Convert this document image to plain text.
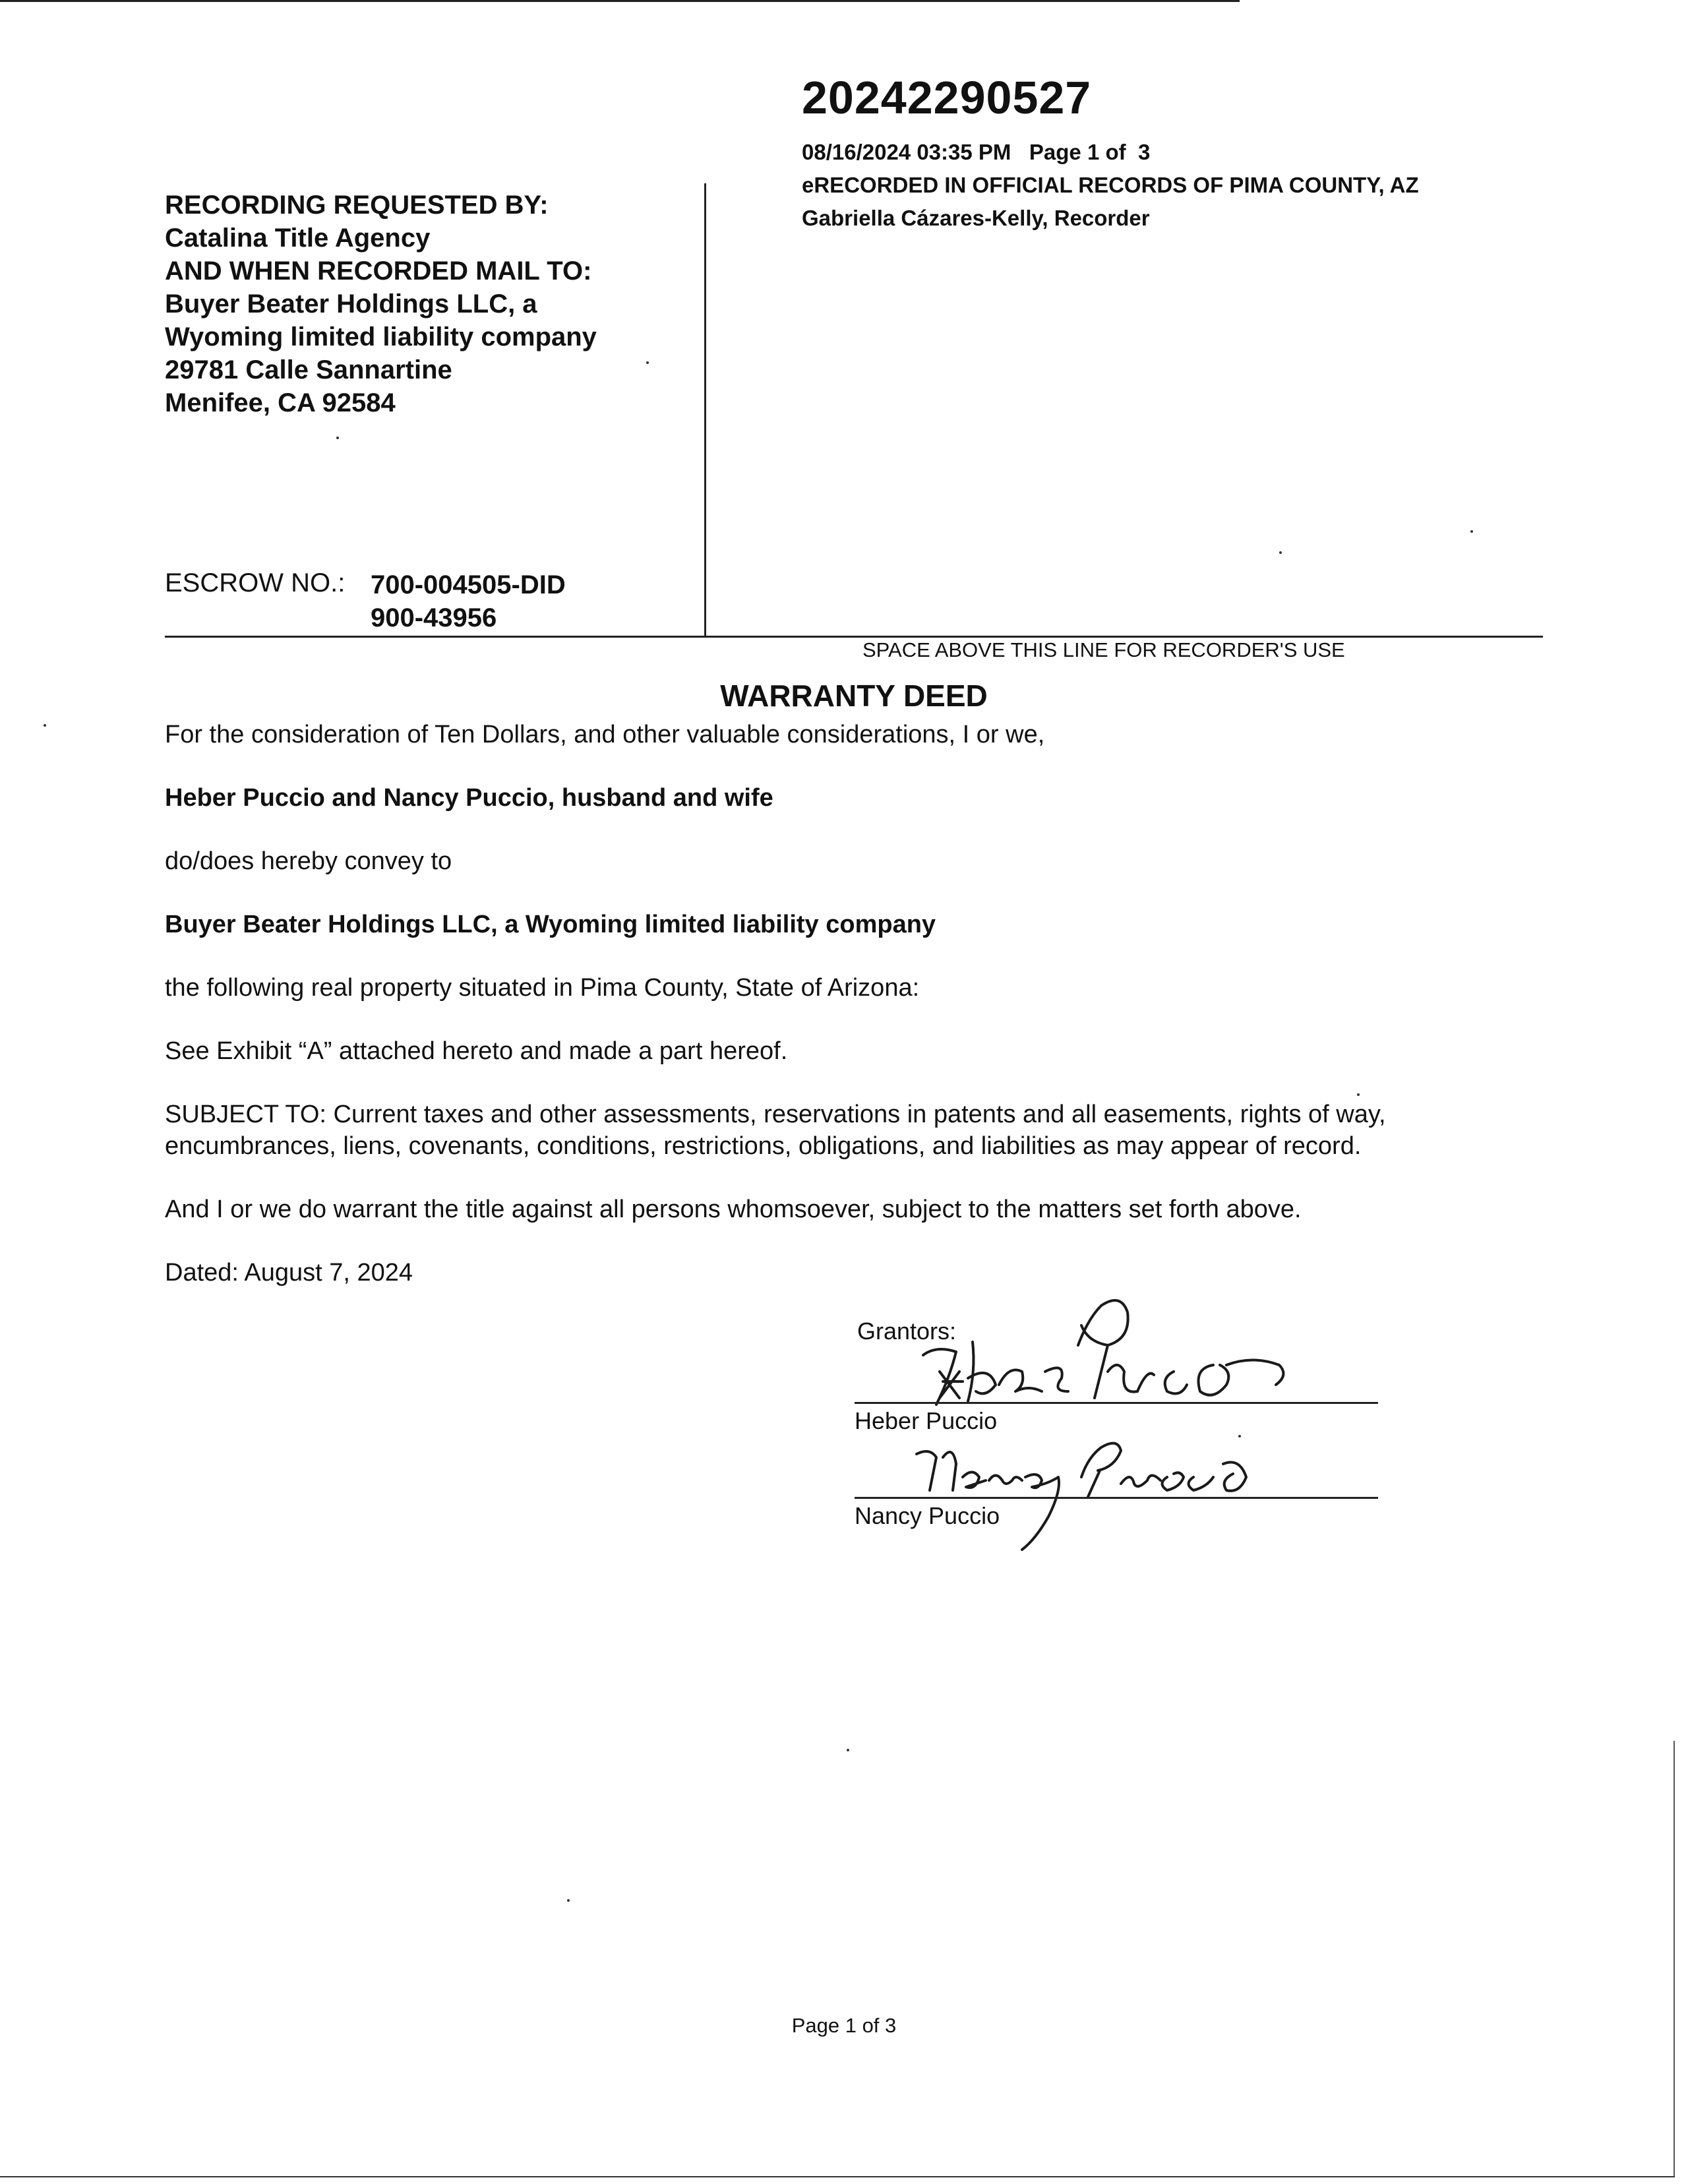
20242290527
08/16/2024 03:35 PM   Page 1 of  3
eRECORDED IN OFFICIAL RECORDS OF PIMA COUNTY, AZ
Gabriella Cázares-Kelly, Recorder
RECORDING REQUESTED BY:
Catalina Title Agency
AND WHEN RECORDED MAIL TO:
Buyer Beater Holdings LLC, a
Wyoming limited liability company
29781 Calle Sannartine
Menifee, CA 92584
ESCROW NO.: 700-004505-DID
900-43956
SPACE ABOVE THIS LINE FOR RECORDER'S USE
WARRANTY DEED
For the consideration of Ten Dollars, and other valuable considerations, I or we,
Heber Puccio and Nancy Puccio, husband and wife
do/does hereby convey to
Buyer Beater Holdings LLC, a Wyoming limited liability company
the following real property situated in Pima County, State of Arizona:
See Exhibit “A” attached hereto and made a part hereof.
SUBJECT TO: Current taxes and other assessments, reservations in patents and all easements, rights of way, encumbrances, liens, covenants, conditions, restrictions, obligations, and liabilities as may appear of record.
And I or we do warrant the title against all persons whomsoever, subject to the matters set forth above.
Dated: August 7, 2024
Grantors:
Heber Puccio
Nancy Puccio
Page 1 of 3
